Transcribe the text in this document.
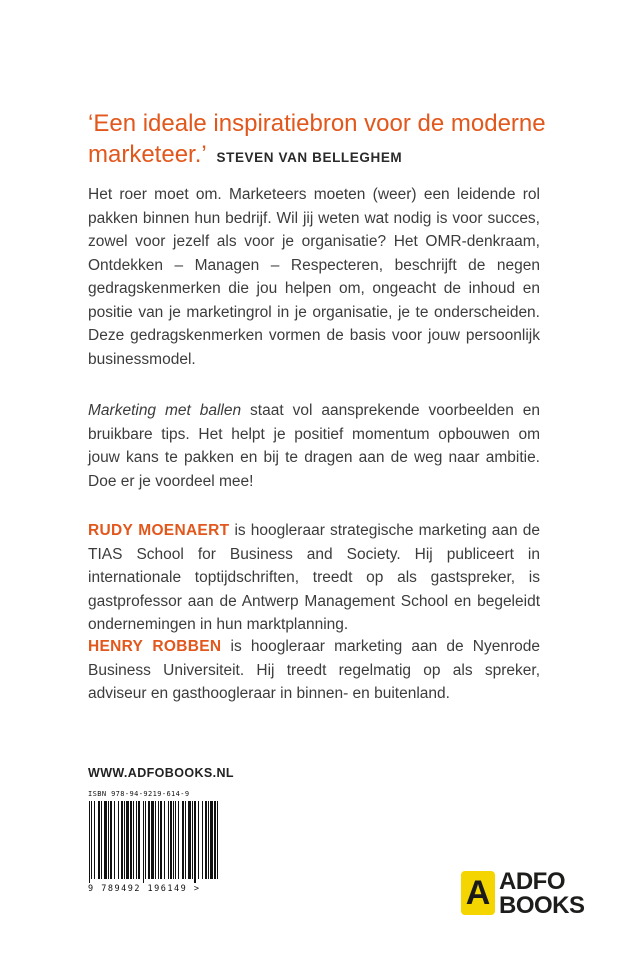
‘Een ideale inspiratiebron voor de moderne marketeer.’ STEVEN VAN BELLEGHEM

Het roer moet om. Marketeers moeten (weer) een leidende rol pakken binnen hun bedrijf. Wil jij weten wat nodig is voor succes, zowel voor jezelf als voor je organisatie? Het OMR-denkraam, Ontdekken – Managen – Respecteren, beschrijft de negen gedragskenmerken die jou helpen om, ongeacht de inhoud en positie van je marketingrol in je organisatie, je te onderscheiden. Deze gedragskenmerken vormen de basis voor jouw persoonlijk businessmodel.

Marketing met ballen staat vol aansprekende voorbeelden en bruikbare tips. Het helpt je positief momentum opbouwen om jouw kans te pakken en bij te dragen aan de weg naar ambitie. Doe er je voordeel mee!

RUDY MOENAERT is hoogleraar strategische marketing aan de TIAS School for Business and Society. Hij publiceert in internationale toptijdschriften, treedt op als gastspreker, is gastprofessor aan de Antwerp Management School en begeleidt ondernemingen in hun marktplanning.

HENRY ROBBEN is hoogleraar marketing aan de Nyenrode Business Universiteit. Hij treedt regelmatig op als spreker, adviseur en gasthoogleraar in binnen- en buitenland.

WWW.ADFOBOOKS.NL
ISBN 978-94-9219-614-9
9 789492 196149 >	A ADFO
BOOKS
